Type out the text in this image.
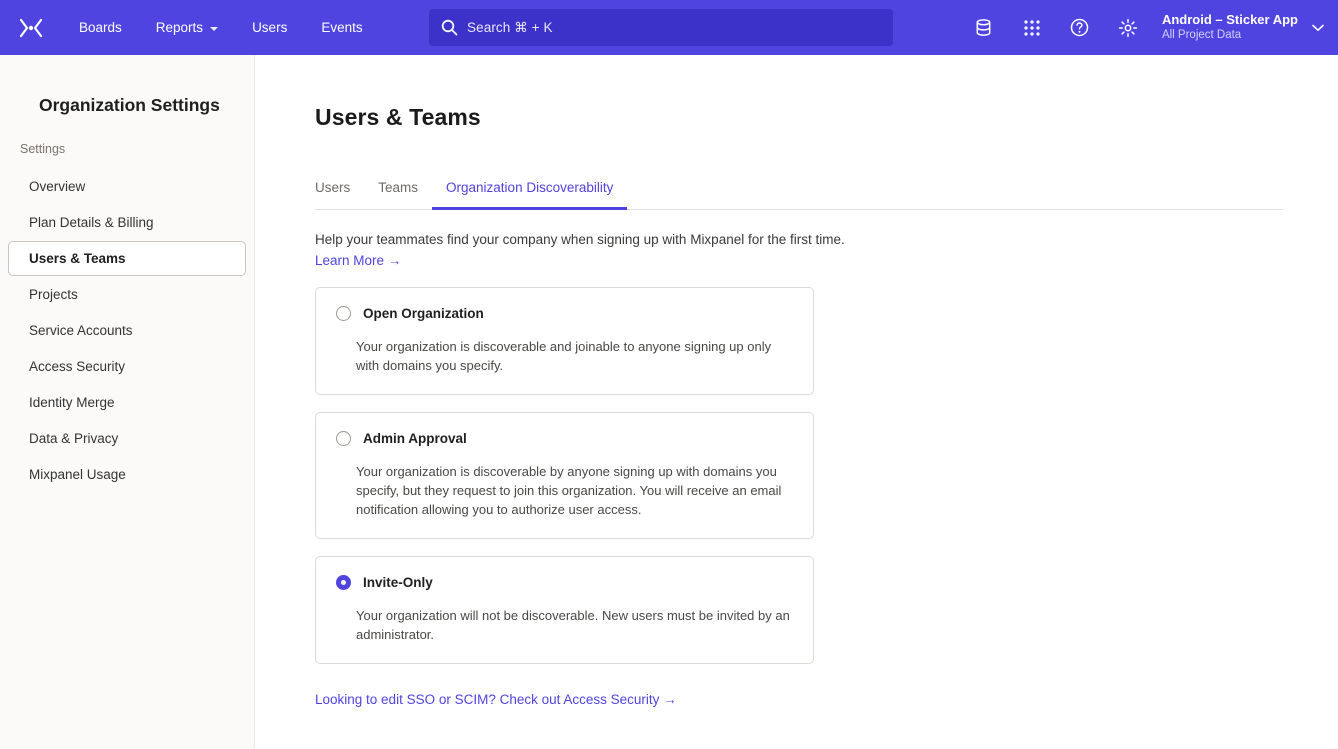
Boards	Reports	Users	Events	Search ⌘ + K	Android – Sticker App
All Project Data
Organization Settings
Settings
Overview
Plan Details & Billing
Users & Teams
Projects
Service Accounts
Access Security
Identity Merge
Data & Privacy
Mixpanel Usage
Users & Teams
Users	Teams	Organization Discoverability
Help your teammates find your company when signing up with Mixpanel for the first time.
Learn More →
Open Organization
Your organization is discoverable and joinable to anyone signing up only with domains you specify.
Admin Approval
Your organization is discoverable by anyone signing up with domains you specify, but they request to join this organization. You will receive an email notification allowing you to authorize user access.
Invite-Only
Your organization will not be discoverable. New users must be invited by an administrator.
Looking to edit SSO or SCIM? Check out Access Security →
